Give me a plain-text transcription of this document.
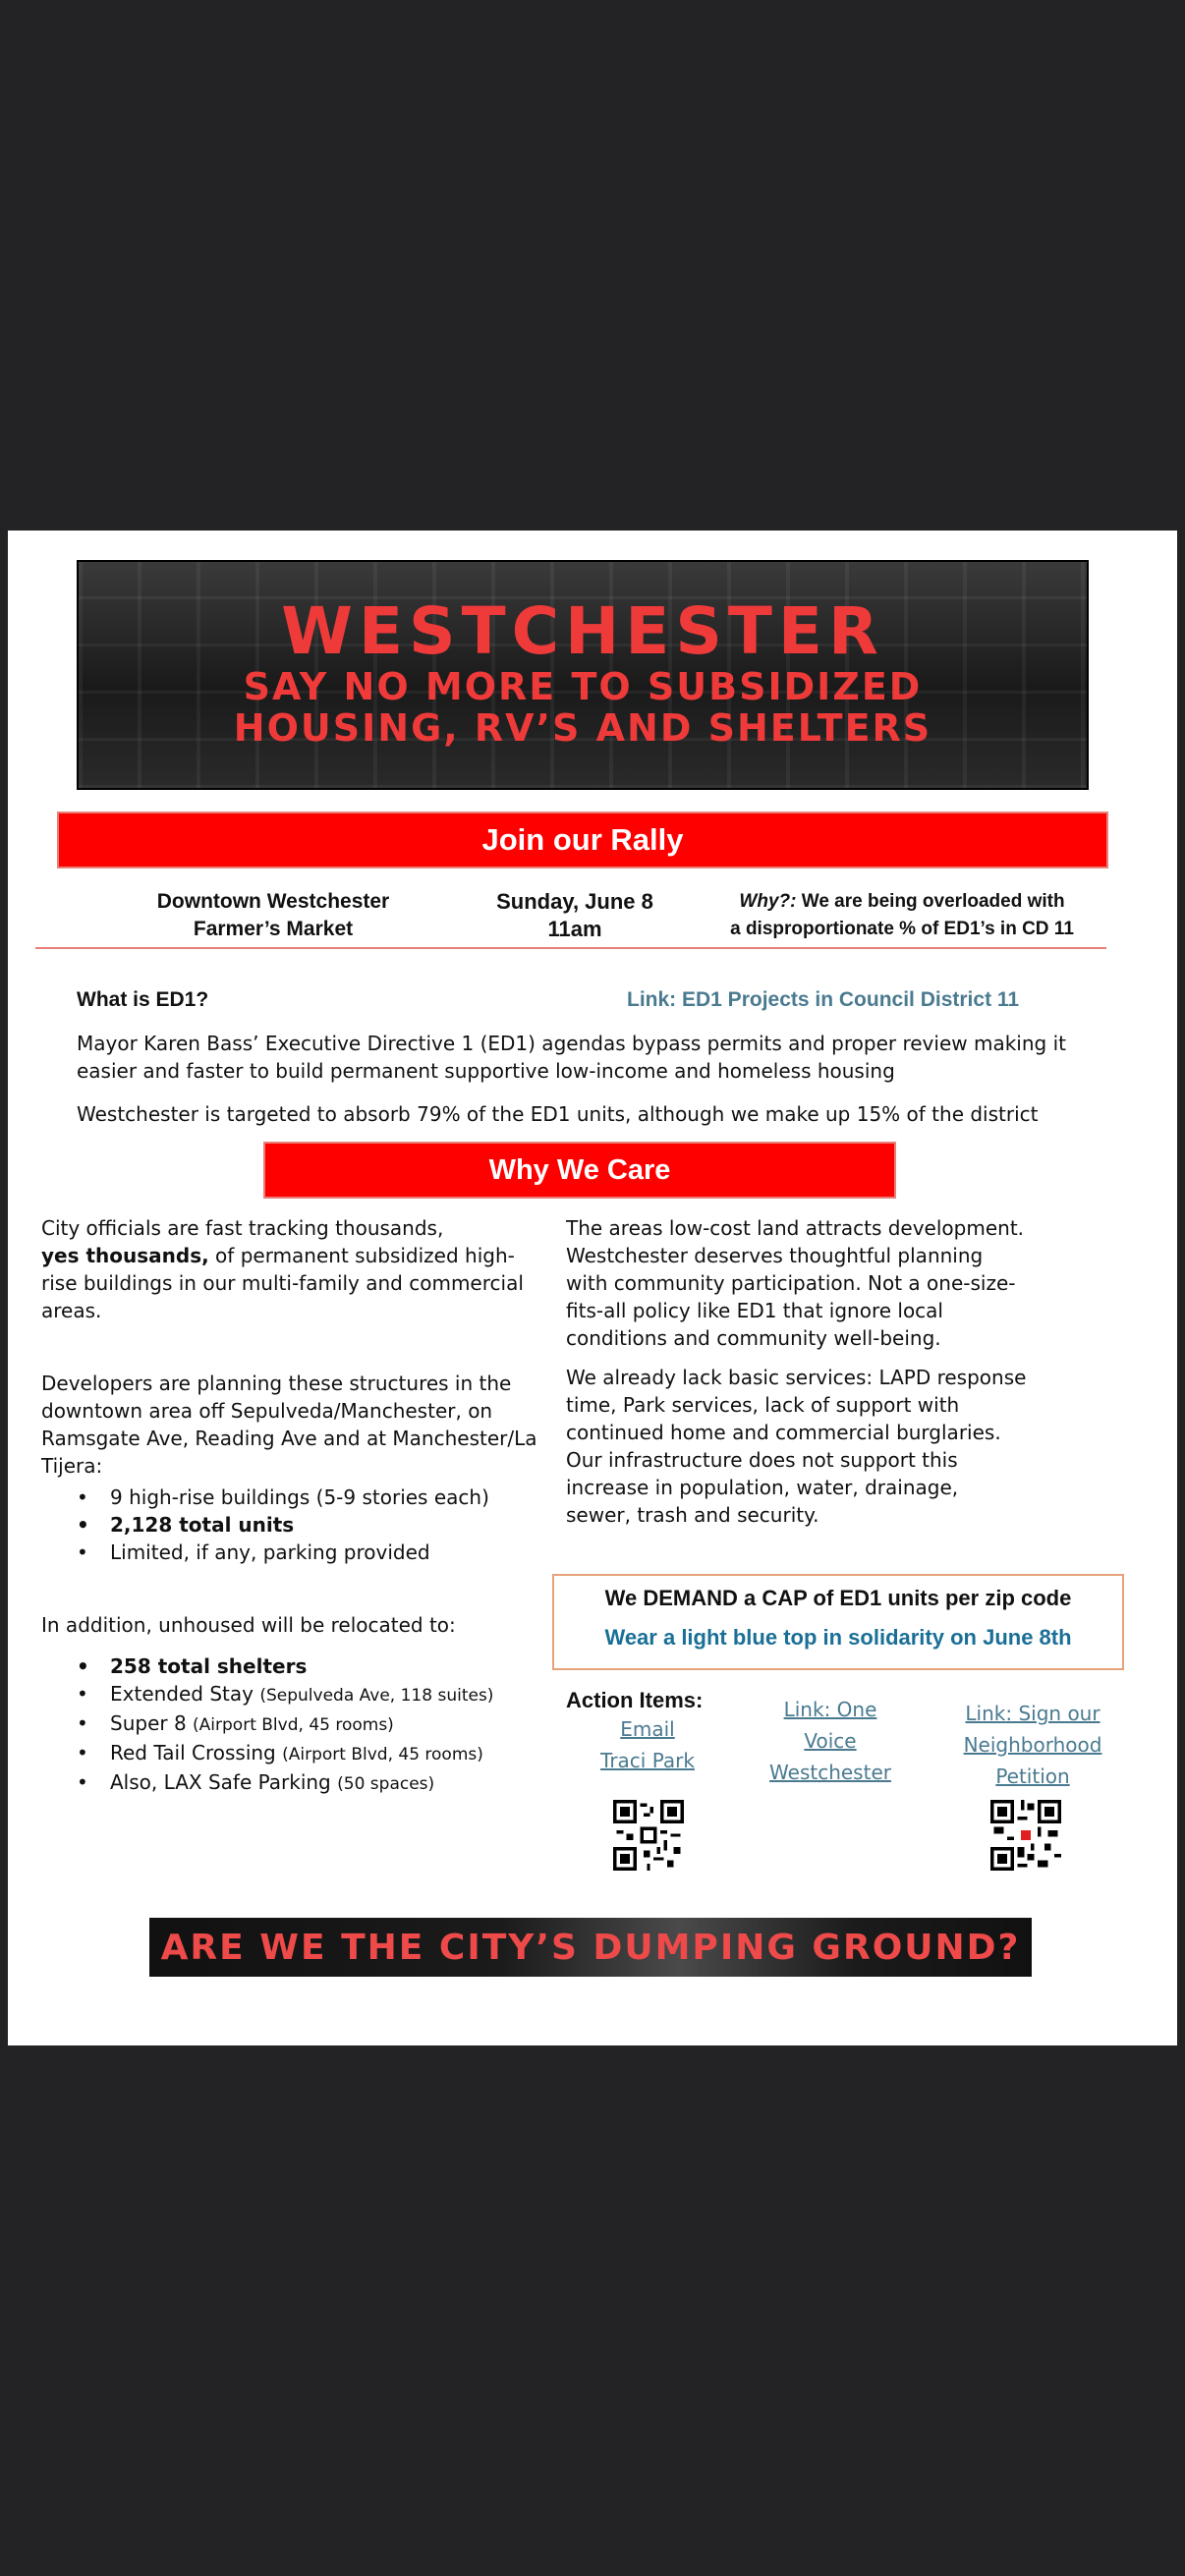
WESTCHESTER
SAY NO MORE TO SUBSIDIZED
HOUSING, RV’S AND SHELTERS
Join our Rally
Downtown Westchester
Farmer’s Market
Sunday, June 8
11am
Why?: We are being overloaded with
a disproportionate % of ED1’s in CD 11
What is ED1?	Link: ED1 Projects in Council District 11
Mayor Karen Bass’ Executive Directive 1 (ED1) agendas bypass permits and proper review making it easier and faster to build permanent supportive low-income and homeless housing
Westchester is targeted to absorb 79% of the ED1 units, although we make up 15% of the district
Why We Care

City officials are fast tracking thousands,
yes thousands, of permanent subsidized high-rise buildings in our multi-family and commercial areas.

Developers are planning these structures in the downtown area off Sepulveda/Manchester, on Ramsgate Ave, Reading Ave and at Manchester/La Tijera:

• 9 high-rise buildings (5-9 stories each)
• 2,128 total units
• Limited, if any, parking provided

In addition, unhoused will be relocated to:

• 258 total shelters
• Extended Stay (Sepulveda Ave, 118 suites)
• Super 8 (Airport Blvd, 45 rooms)
• Red Tail Crossing (Airport Blvd, 45 rooms)
• Also, LAX Safe Parking (50 spaces)

The areas low-cost land attracts development. Westchester deserves thoughtful planning with community participation. Not a one-size-fits-all policy like ED1 that ignore local conditions and community well-being.

We already lack basic services: LAPD response time, Park services, lack of support with continued home and commercial burglaries. Our infrastructure does not support this increase in population, water, drainage, sewer, trash and security.

We DEMAND a CAP of ED1 units per zip code
Wear a light blue top in solidarity on June 8th
Action Items:
Email
Traci Park
Link: One
Voice
Westchester
Link: Sign our
Neighborhood
Petition
ARE WE THE CITY’S DUMPING GROUND?
